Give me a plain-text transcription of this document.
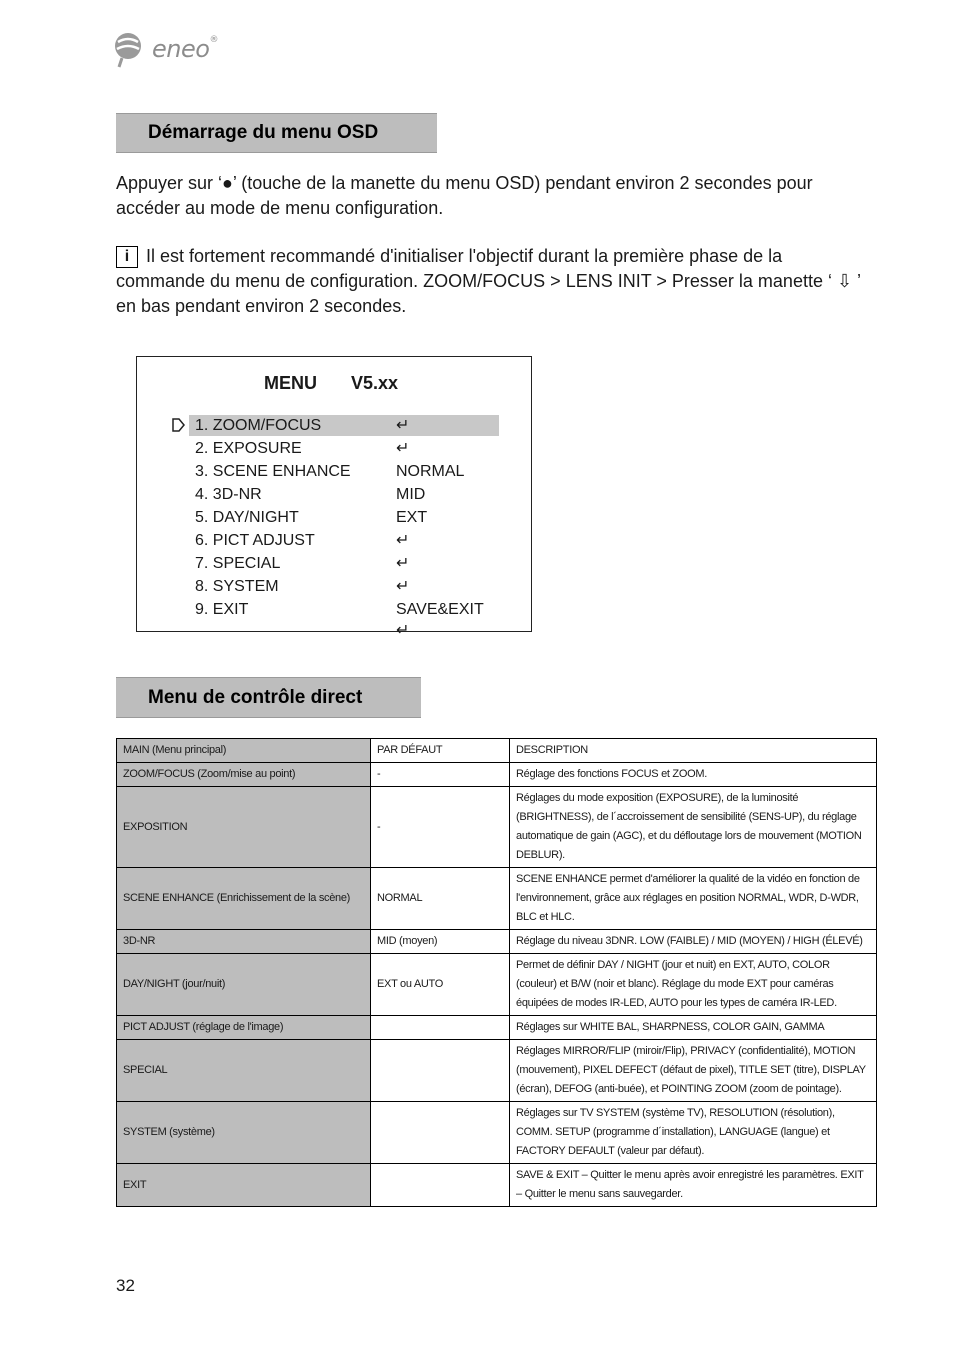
eneo®
Démarrage du menu OSD
Appuyer sur ‘●’ (touche de la manette du menu OSD) pendant environ 2 secondes pour accéder au mode de menu configuration.
i Il est fortement recommandé d'initialiser l'objectif durant la première phase de la commande du menu de configuration. ZOOM/FOCUS > LENS INIT > Presser la manette ‘ ⇩ ’ en bas pendant environ 2 secondes.
MENU V5.xx
1. ZOOM/FOCUS	↵
2. EXPOSURE	↵
3. SCENE ENHANCE	NORMAL
4. 3D-NR	MID
5. DAY/NIGHT	EXT
6. PICT ADJUST	↵
7. SPECIAL	↵
8. SYSTEM	↵
9. EXIT	SAVE&EXIT ↵
Menu de contrôle direct
MAIN (Menu principal)	PAR DÉFAUT	DESCRIPTION
ZOOM/FOCUS (Zoom/mise au point)	-	Réglage des fonctions FOCUS et ZOOM.
EXPOSITION	-	Réglages du mode exposition (EXPOSURE), de la luminosité (BRIGHTNESS), de l´accroissement de sensibilité (SENS-UP), du réglage automatique de gain (AGC), et du défloutage lors de mouvement (MOTION DEBLUR).
SCENE ENHANCE (Enrichissement de la scène)	NORMAL	SCENE ENHANCE permet d'améliorer la qualité de la vidéo en fonction de l'environnement, grâce aux réglages en position NORMAL, WDR, D-WDR, BLC et HLC.
3D-NR	MID (moyen)	Réglage du niveau 3DNR. LOW (FAIBLE) / MID (MOYEN) / HIGH (ÉLEVÉ)
DAY/NIGHT (jour/nuit)	EXT ou AUTO	Permet de définir DAY / NIGHT (jour et nuit) en EXT, AUTO, COLOR (couleur) et B/W (noir et blanc). Réglage du mode EXT pour caméras équipées de modes IR-LED, AUTO pour les types de caméra IR-LED.
PICT ADJUST (réglage de l'image)		Réglages sur WHITE BAL, SHARPNESS, COLOR GAIN, GAMMA
SPECIAL		Réglages MIRROR/FLIP (miroir/Flip), PRIVACY (confidentialité), MOTION (mouvement), PIXEL DEFECT (défaut de pixel), TITLE SET (titre), DISPLAY (écran), DEFOG (anti-buée), et POINTING ZOOM (zoom de pointage).
SYSTEM (système)		Réglages sur TV SYSTEM (système TV), RESOLUTION (résolution), COMM. SETUP (programme d´installation), LANGUAGE (langue) et FACTORY DEFAULT (valeur par défaut).
EXIT		SAVE & EXIT – Quitter le menu après avoir enregistré les paramètres. EXIT – Quitter le menu sans sauvegarder.
32
